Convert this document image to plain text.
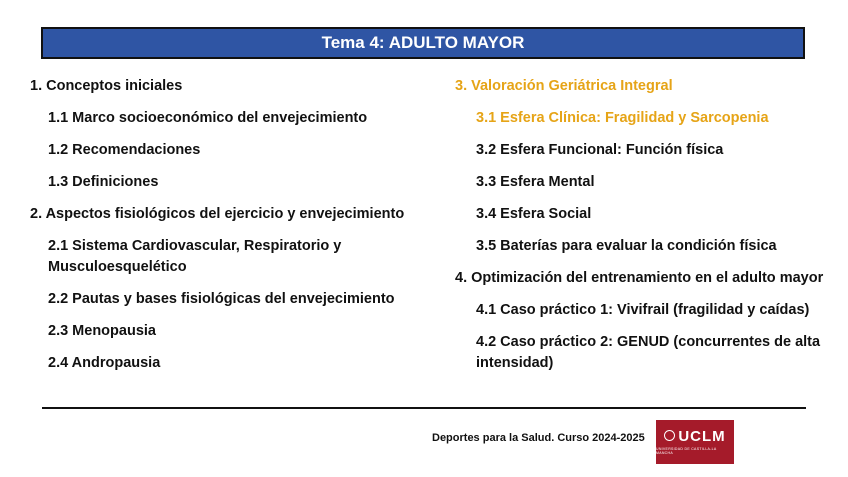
Tema 4: ADULTO MAYOR
1. Conceptos iniciales
1.1 Marco socioeconómico del envejecimiento
1.2 Recomendaciones
1.3 Definiciones
2. Aspectos fisiológicos del ejercicio y envejecimiento
2.1 Sistema Cardiovascular, Respiratorio y Musculoesquelético
2.2 Pautas y bases fisiológicas del envejecimiento
2.3 Menopausia
2.4 Andropausia
3. Valoración Geriátrica Integral
3.1 Esfera Clínica: Fragilidad y Sarcopenia
3.2 Esfera Funcional: Función física
3.3 Esfera Mental
3.4 Esfera Social
3.5 Baterías para evaluar la condición física
4. Optimización del entrenamiento en el adulto mayor
4.1 Caso práctico 1: Vivifrail (fragilidad y caídas)
4.2 Caso práctico 2: GENUD (concurrentes de alta intensidad)
Deportes para la Salud. Curso 2024-2025	UCLM
UNIVERSIDAD DE CASTILLA-LA MANCHA
